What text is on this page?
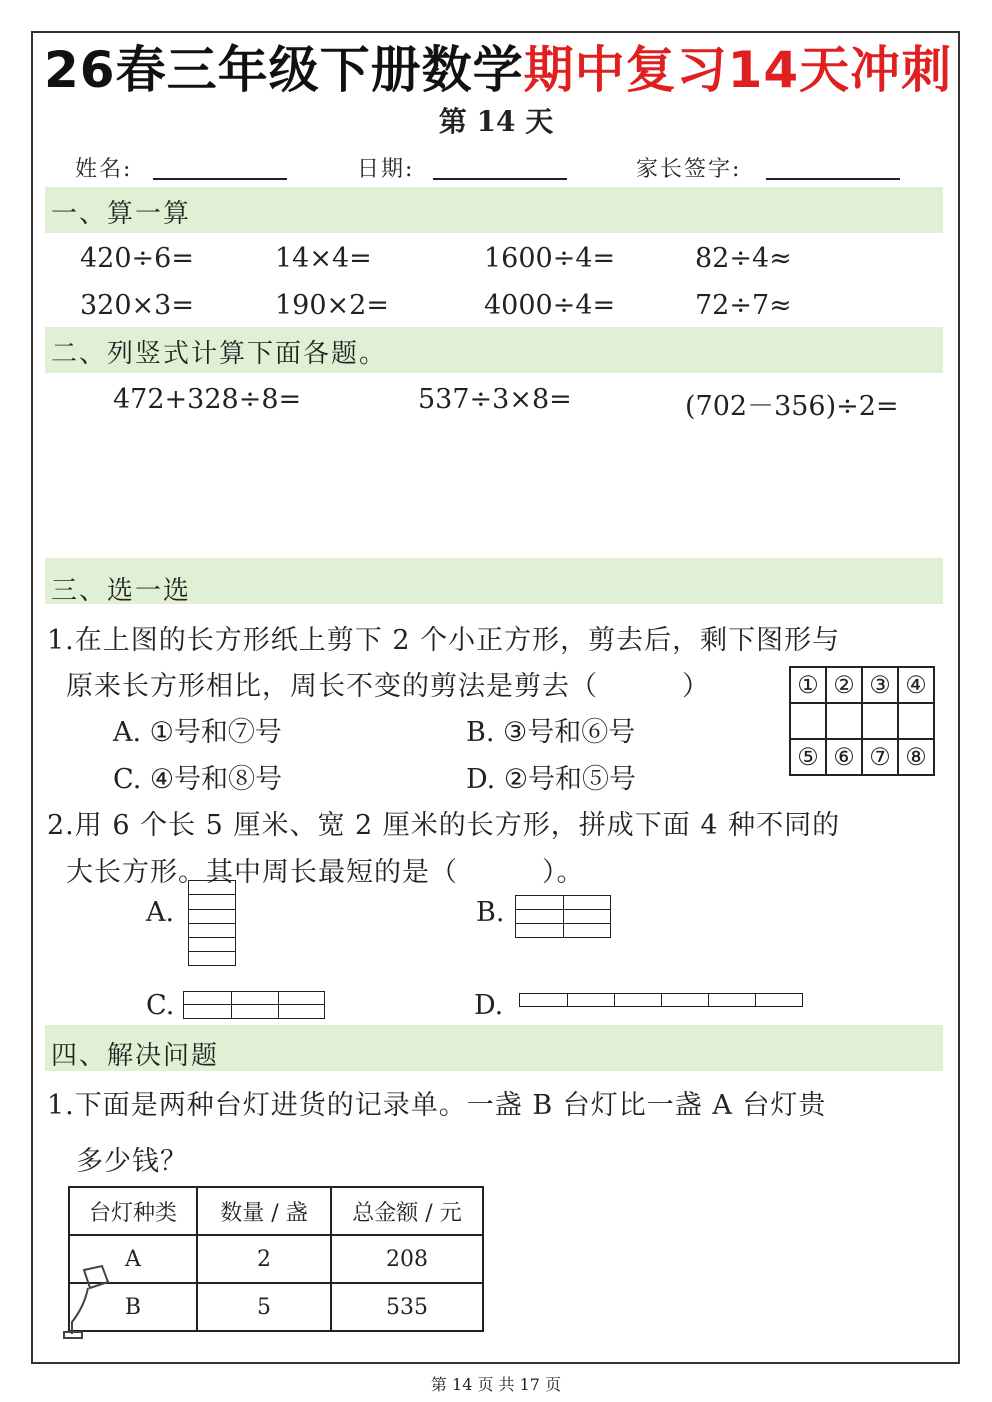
26春三年级下册数学期中复习14天冲刺
第 14 天
姓名:	日期:	家长签字:
一、算一算
420÷6=	14×4=	1600÷4=	82÷4≈
320×3=	190×2=	4000÷4=	72÷7≈
二、列竖式计算下面各题。
472+328÷8=	537÷3×8=	(702－356)÷2=
三、选一选
1.在上图的长方形纸上剪下 2 个小正方形，剪去后，剩下图形与
原来长方形相比，周长不变的剪法是剪去（　　　）
A. ①号和⑦号	B. ③号和⑥号
C. ④号和⑧号	D. ②号和⑤号
①	②	③	④

⑤	⑥	⑦	⑧
2.用 6 个长 5 厘米、宽 2 厘米的长方形，拼成下面 4 种不同的
大长方形。其中周长最短的是（　　　）。
A.	B.
C.	D.
四、解决问题
1.下面是两种台灯进货的记录单。一盏 B 台灯比一盏 A 台灯贵
多少钱？
台灯种类	数量 / 盏	总金额 / 元
A	2	208
B	5	535
第 14 页 共 17 页
